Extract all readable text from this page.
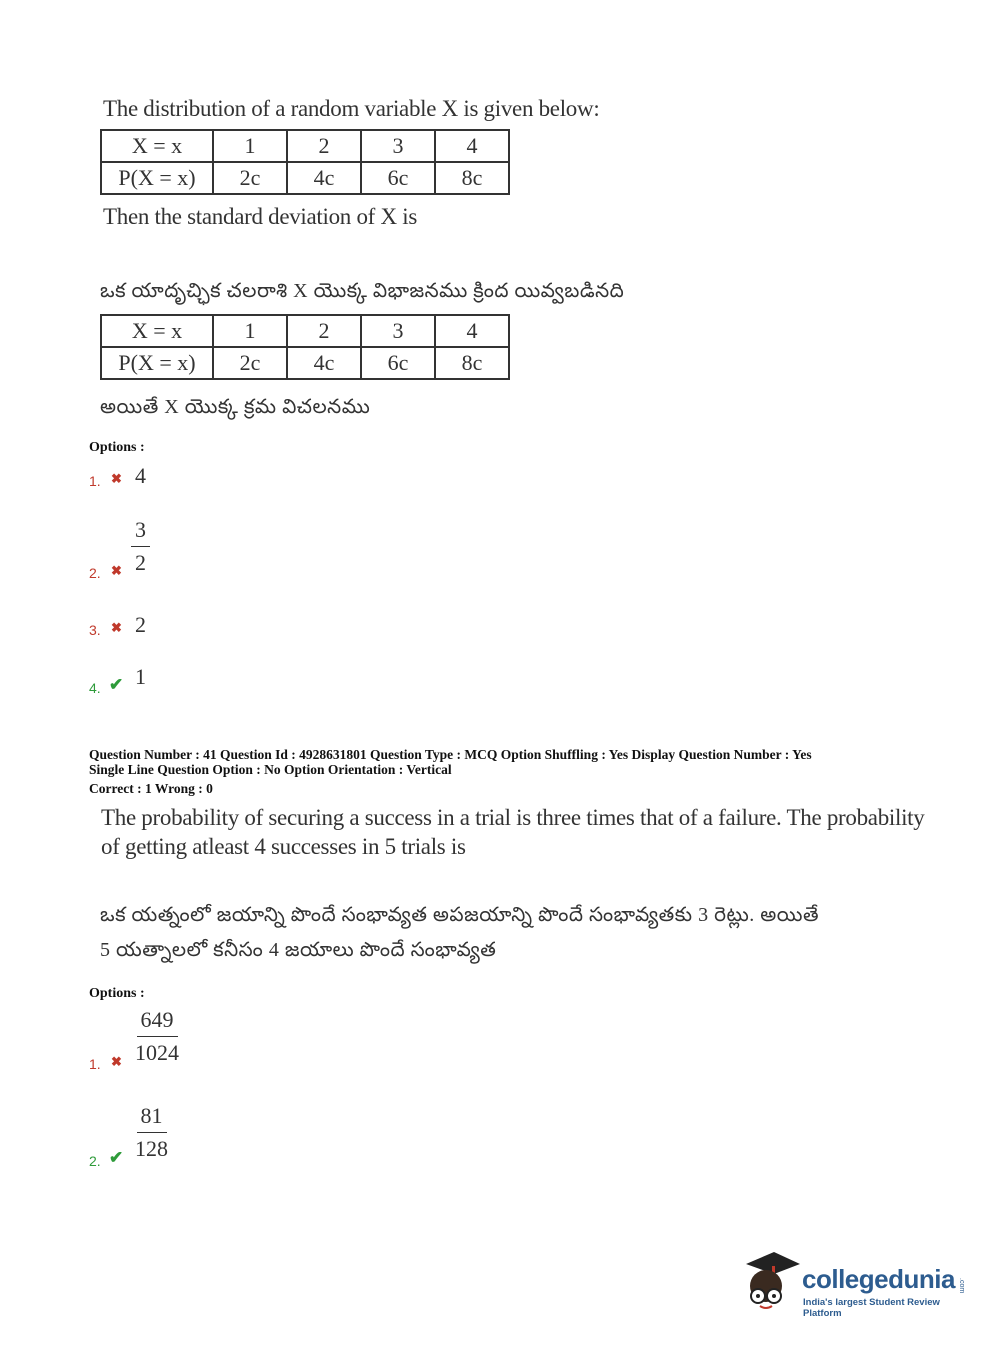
The distribution of a random variable X is given below:
X = x	1	2	3	4
P(X = x)	2c	4c	6c	8c
Then the standard deviation of X is
ఒక యాదృచ్ఛిక చలరాశి X యొక్క విభాజనము క్రింద యివ్వబడినది
X = x	1	2	3	4
P(X = x)	2c	4c	6c	8c
అయితే X యొక్క క్రమ విచలనము
Options :
1. ✖ 4
2. ✖ $\frac{3}{2}$
3. ✖ 2
4. ✔ 1
Question Number : 41 Question Id : 4928631801 Question Type : MCQ Option Shuffling : Yes Display Question Number : Yes
Single Line Question Option : No Option Orientation : Vertical
Correct : 1 Wrong : 0
The probability of securing a success in a trial is three times that of a failure. The probability
of getting atleast 4 successes in 5 trials is
ఒక యత్నంలో జయాన్ని పొందే సంభావ్యత అపజయాన్ని పొందే సంభావ్యతకు 3 రెట్లు. అయితే
5 యత్నాలలో కనీసం 4 జయాలు పొందే సంభావ్యత
Options :
1. ✖ $\frac{649}{1024}$
2. ✔ $\frac{81}{128}$
collegedunia .com
India's largest Student Review Platform
